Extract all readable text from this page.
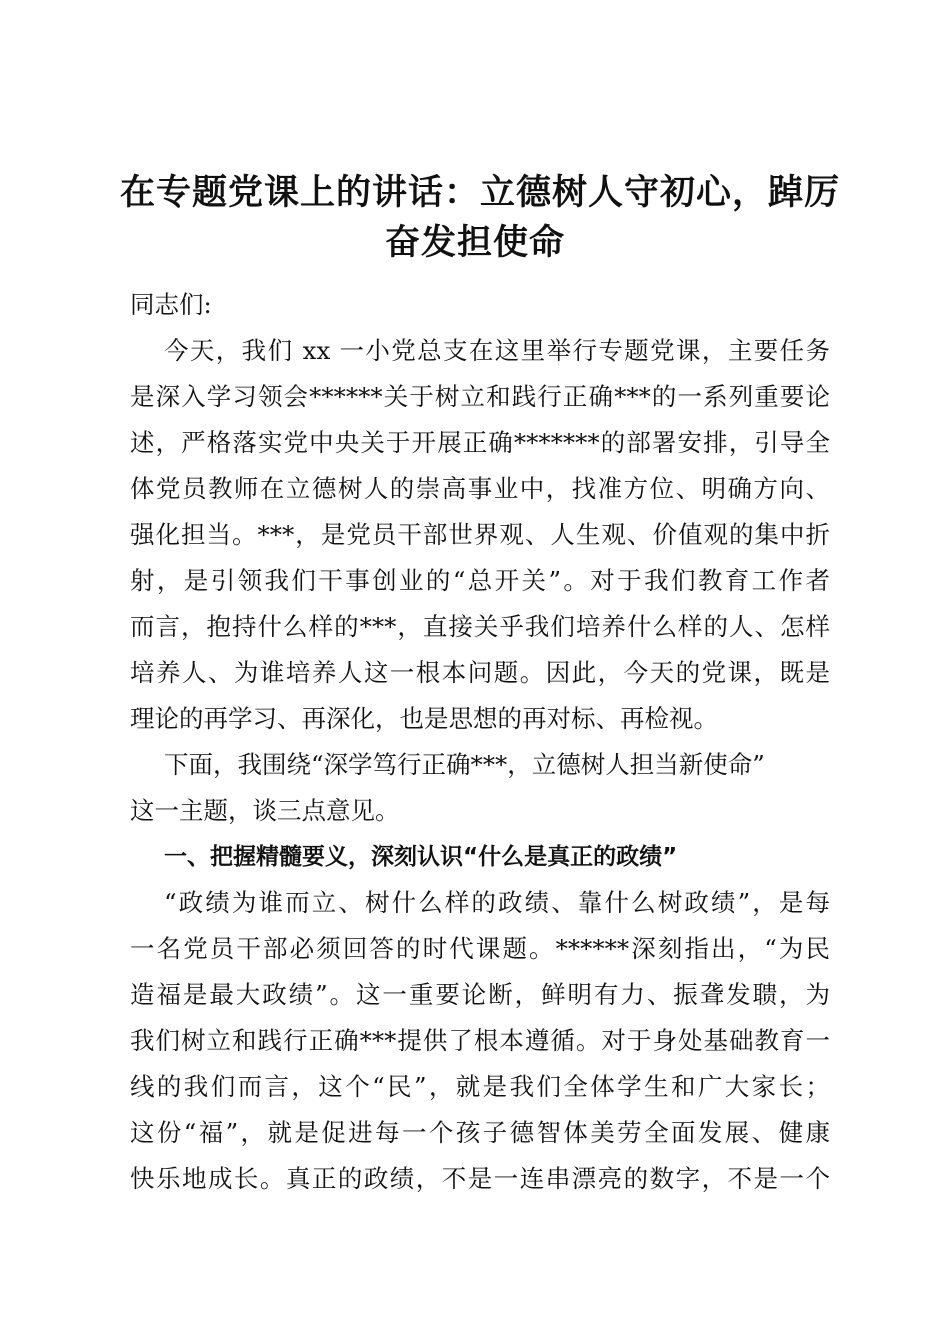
在专题党课上的讲话：立德树人守初心，踔厉
奋发担使命
同志们:
今天，我们 xx 一小党总支在这里举行专题党课，主要任务
是深入学习领会******关于树立和践行正确***的一系列重要论
述，严格落实党中央关于开展正确*******的部署安排，引导全
体党员教师在立德树人的崇高事业中，找准方位、明确方向、
强化担当。***，是党员干部世界观、人生观、价值观的集中折
射，是引领我们干事创业的“总开关”。对于我们教育工作者
而言，抱持什么样的***，直接关乎我们培养什么样的人、怎样
培养人、为谁培养人这一根本问题。因此，今天的党课，既是
理论的再学习、再深化，也是思想的再对标、再检视。
下面，我围绕“深学笃行正确***，立德树人担当新使命”
这一主题，谈三点意见。
一、把握精髓要义，深刻认识“什么是真正的政绩”
“政绩为谁而立、树什么样的政绩、靠什么树政绩”，是每
一名党员干部必须回答的时代课题。******深刻指出，“为民
造福是最大政绩”。这一重要论断，鲜明有力、振聋发聩，为
我们树立和践行正确***提供了根本遵循。对于身处基础教育一
线的我们而言，这个“民”，就是我们全体学生和广大家长；
这份“福”，就是促进每一个孩子德智体美劳全面发展、健康
快乐地成长。真正的政绩，不是一连串漂亮的数字，不是一个
